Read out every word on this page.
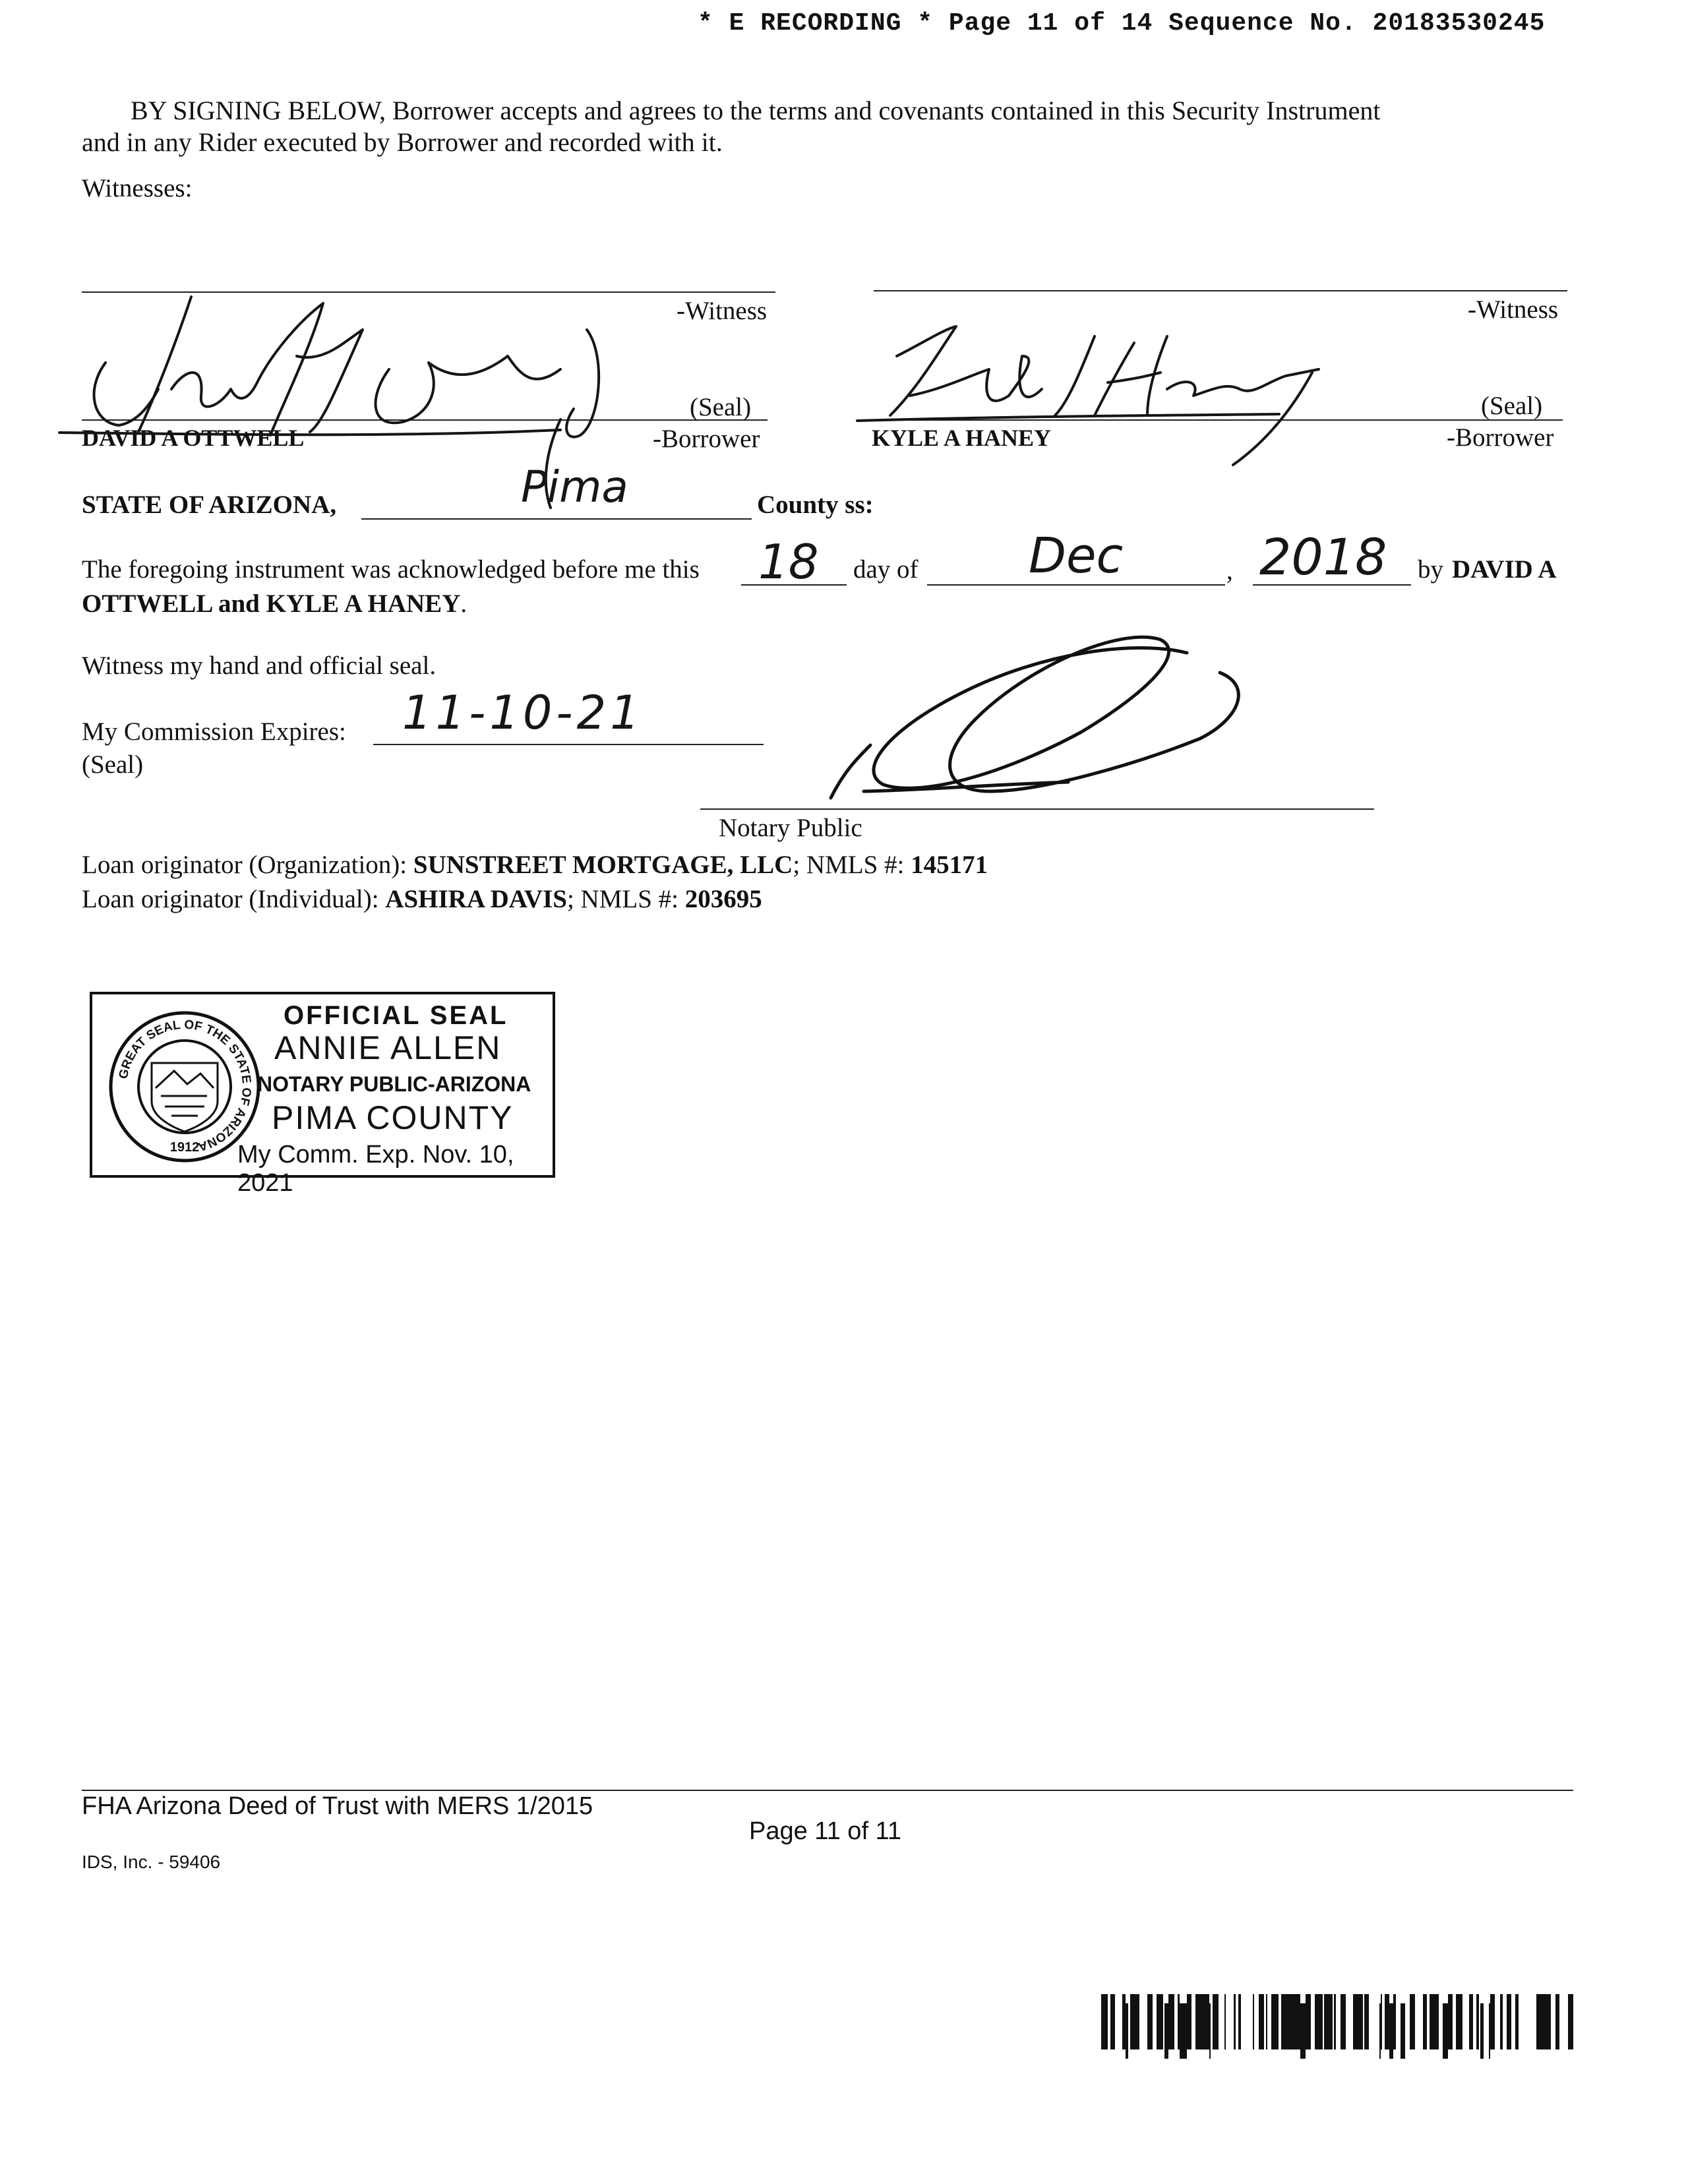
* E RECORDING * Page 11 of 14 Sequence No. 20183530245
BY SIGNING BELOW, Borrower accepts and agrees to the terms and covenants contained in this Security Instrument
and in any Rider executed by Borrower and recorded with it.
Witnesses:
-Witness	-Witness
(Seal)	(Seal)
DAVID A OTTWELL	KYLE A HANEY
-Borrower	-Borrower
STATE OF ARIZONA,	Pima	County ss:
The foregoing instrument was acknowledged before me this 18 day of Dec	, 2018 by DAVID A
OTTWELL and KYLE A HANEY.
Witness my hand and official seal.
My Commission Expires: 11-10-21
(Seal)
Notary Public
Loan originator (Organization): SUNSTREET MORTGAGE, LLC; NMLS #: 145171
Loan originator (Individual): ASHIRA DAVIS; NMLS #: 203695
GREAT SEAL OF THE STATE OF ARIZONA
1912
OFFICIAL SEAL
ANNIE ALLEN
NOTARY PUBLIC-ARIZONA
PIMA COUNTY
My Comm. Exp. Nov. 10, 2021
FHA Arizona Deed of Trust with MERS 1/2015
Page 11 of 11
IDS, Inc. - 59406
